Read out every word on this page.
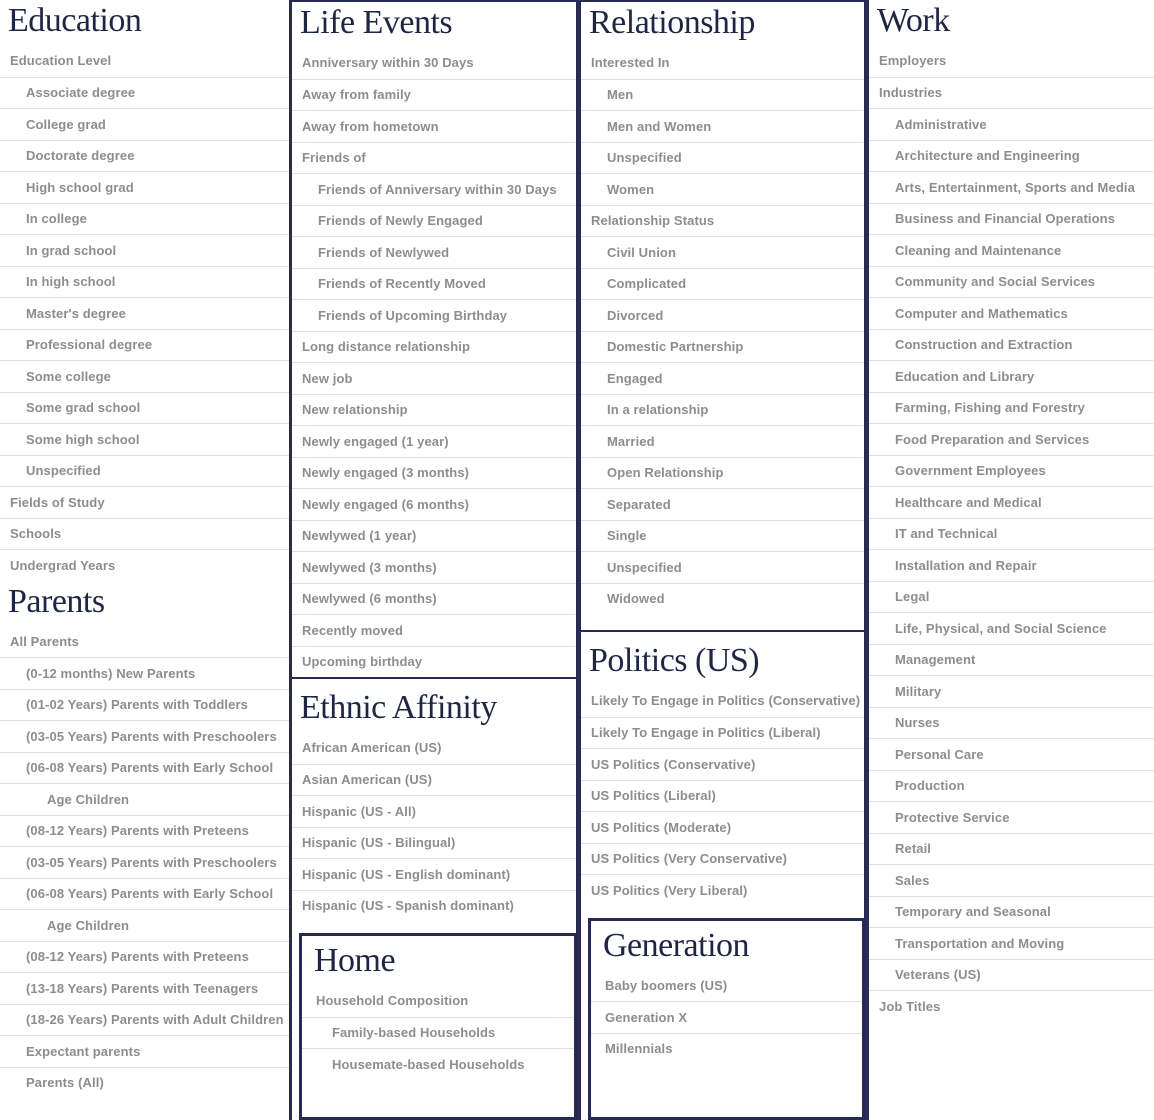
Education
Education Level
Associate degree
College grad
Doctorate degree
High school grad
In college
In grad school
In high school
Master's degree
Professional degree
Some college
Some grad school
Some high school
Unspecified
Fields of Study
Schools
Undergrad Years
Parents
All Parents
(0-12 months) New Parents
(01-02 Years) Parents with Toddlers
(03-05 Years) Parents with Preschoolers
(06-08 Years) Parents with Early School
Age Children
(08-12 Years) Parents with Preteens
(03-05 Years) Parents with Preschoolers
(06-08 Years) Parents with Early School
Age Children
(08-12 Years) Parents with Preteens
(13-18 Years) Parents with Teenagers
(18-26 Years) Parents with Adult Children
Expectant parents
Parents (All)
Life Events
Anniversary within 30 Days
Away from family
Away from hometown
Friends of
Friends of Anniversary within 30 Days
Friends of Newly Engaged
Friends of Newlywed
Friends of Recently Moved
Friends of Upcoming Birthday
Long distance relationship
New job
New relationship
Newly engaged (1 year)
Newly engaged (3 months)
Newly engaged (6 months)
Newlywed (1 year)
Newlywed (3 months)
Newlywed (6 months)
Recently moved
Upcoming birthday
Ethnic Affinity
African American (US)
Asian American (US)
Hispanic (US - All)
Hispanic (US - Bilingual)
Hispanic (US - English dominant)
Hispanic (US - Spanish dominant)
Home
Household Composition
Family-based Households
Housemate-based Households
Relationship
Interested In
Men
Men and Women
Unspecified
Women
Relationship Status
Civil Union
Complicated
Divorced
Domestic Partnership
Engaged
In a relationship
Married
Open Relationship
Separated
Single
Unspecified
Widowed
Politics (US)
Likely To Engage in Politics (Conservative)
Likely To Engage in Politics (Liberal)
US Politics (Conservative)
US Politics (Liberal)
US Politics (Moderate)
US Politics (Very Conservative)
US Politics (Very Liberal)
Generation
Baby boomers (US)
Generation X
Millennials
Work
Employers
Industries
Administrative
Architecture and Engineering
Arts, Entertainment, Sports and Media
Business and Financial Operations
Cleaning and Maintenance
Community and Social Services
Computer and Mathematics
Construction and Extraction
Education and Library
Farming, Fishing and Forestry
Food Preparation and Services
Government Employees
Healthcare and Medical
IT and Technical
Installation and Repair
Legal
Life, Physical, and Social Science
Management
Military
Nurses
Personal Care
Production
Protective Service
Retail
Sales
Temporary and Seasonal
Transportation and Moving
Veterans (US)
Job Titles
